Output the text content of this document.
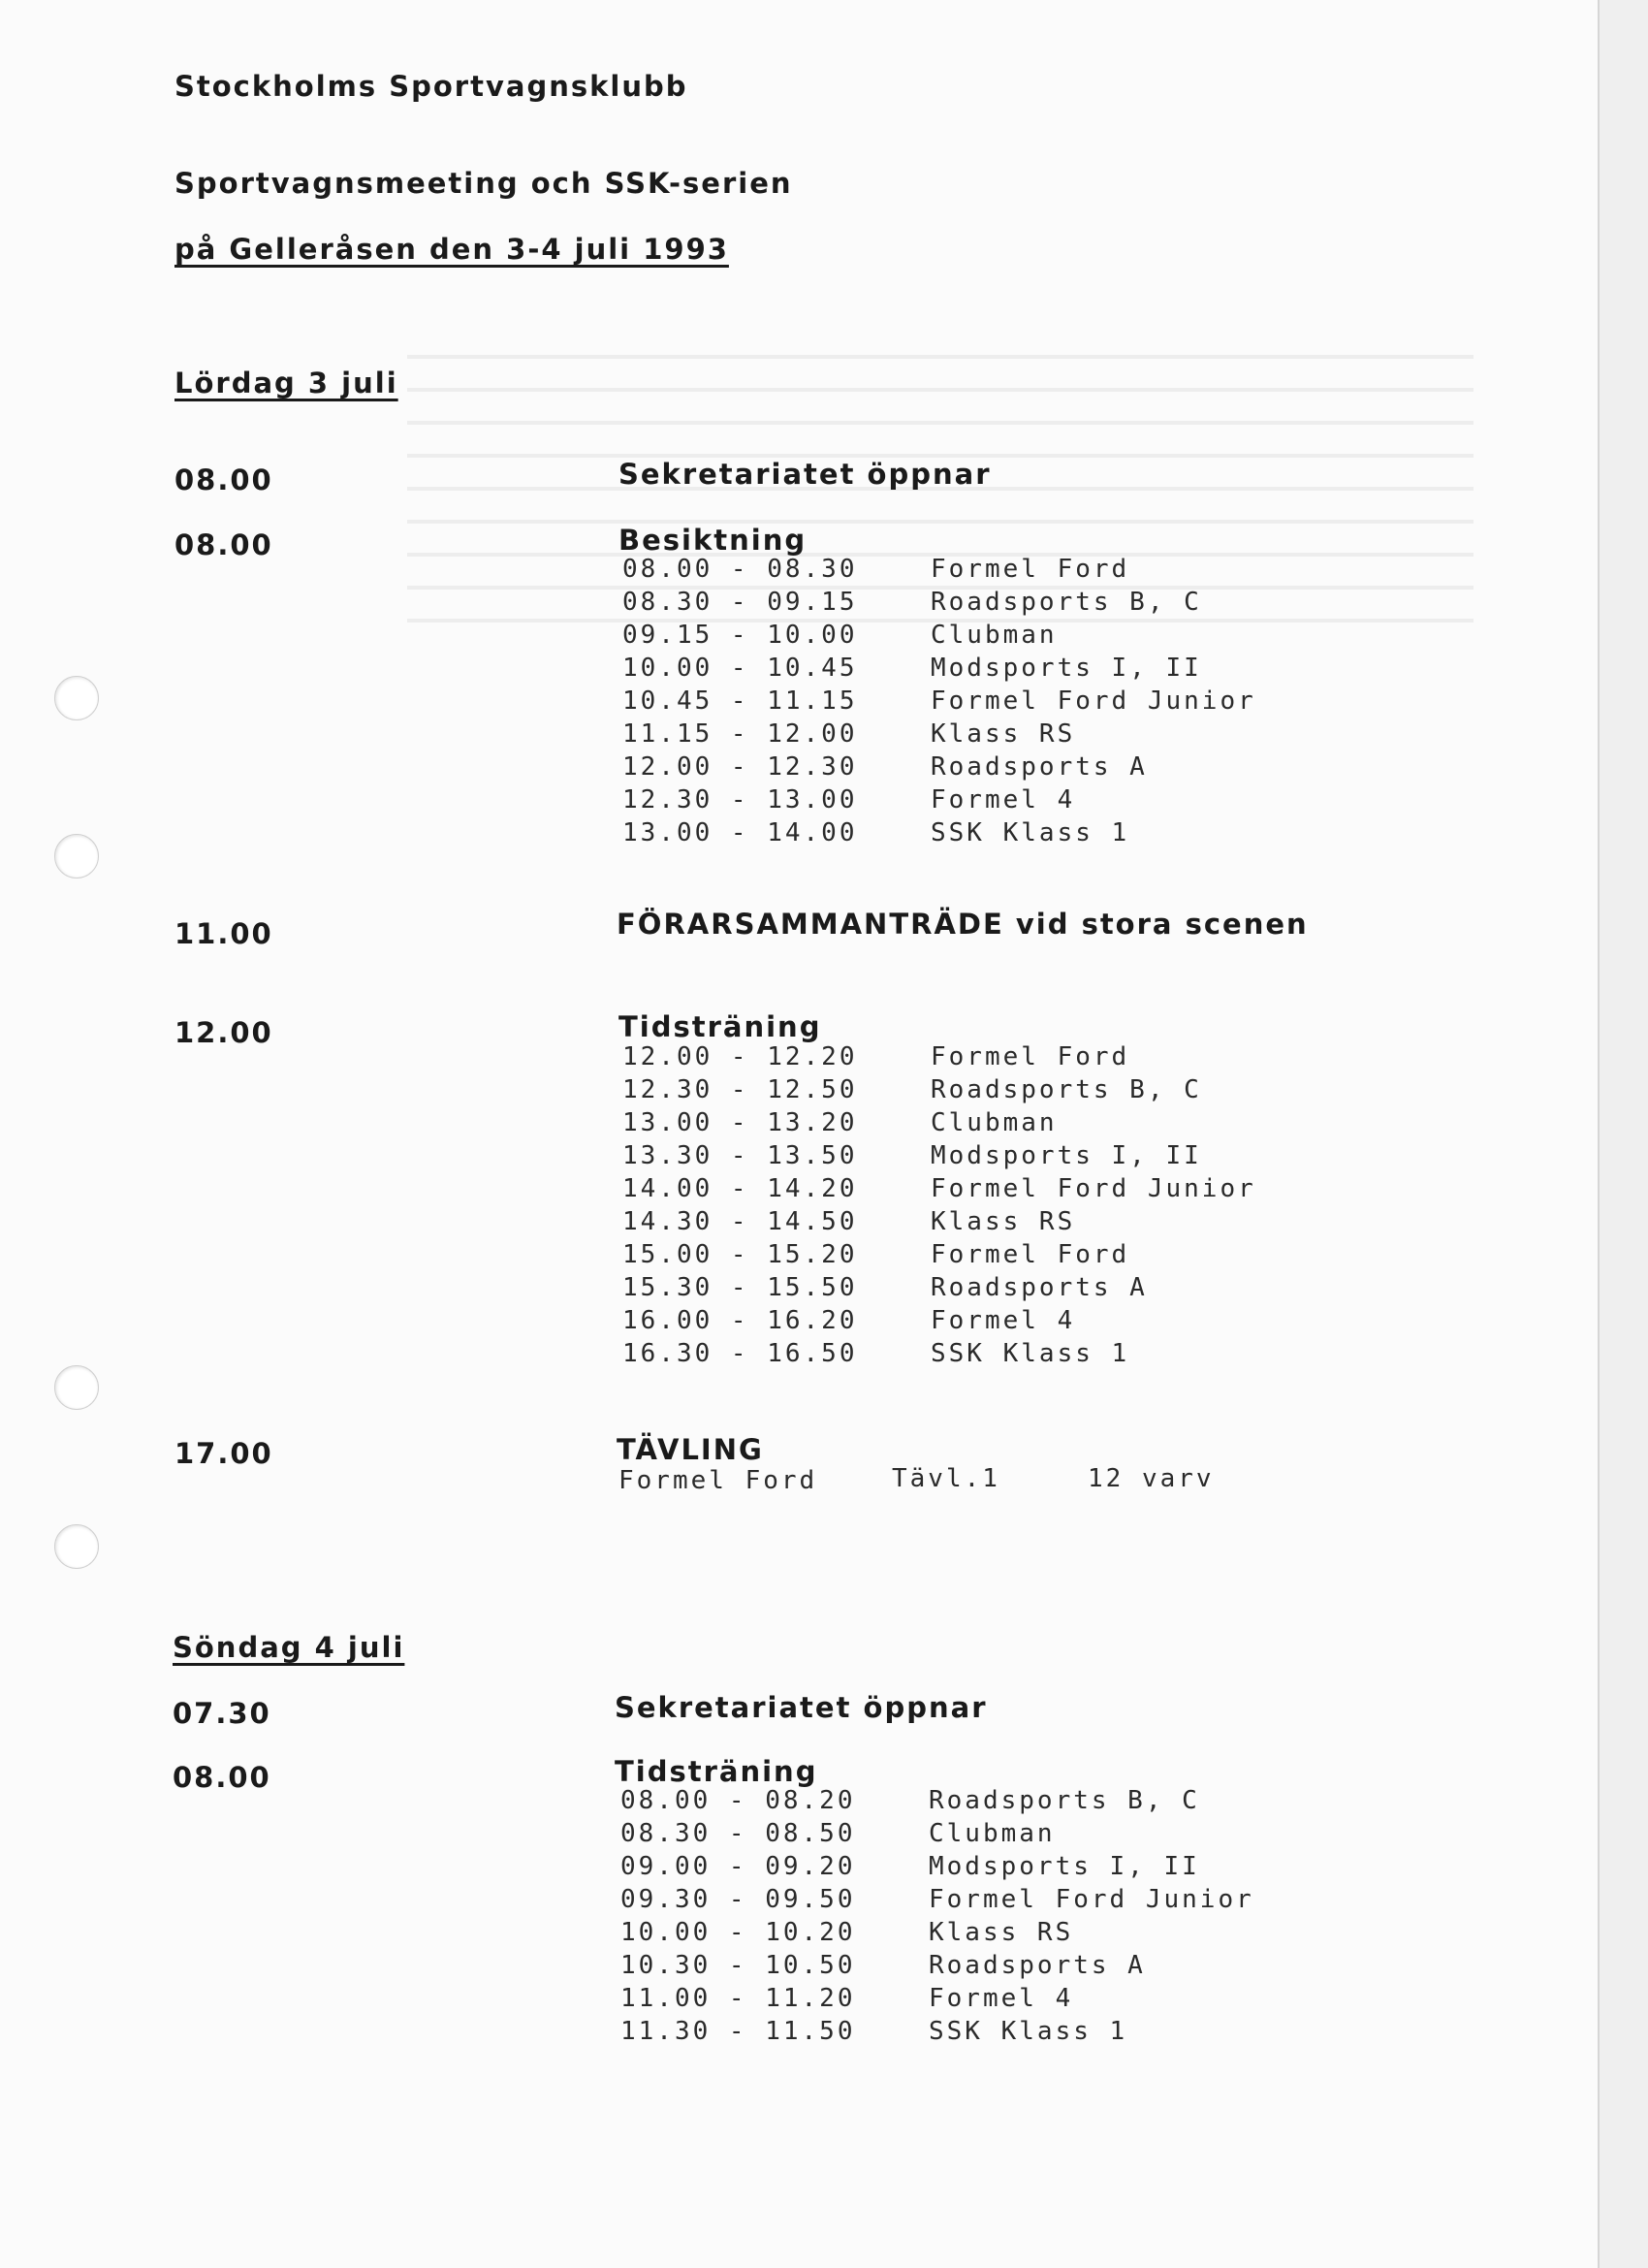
Stockholms Sportvagnsklubb
Sportvagnsmeeting och SSK-serien
på Gelleråsen den 3-4 juli 1993
Lördag 3 juli
08.00	Sekretariatet öppnar
08.00	Besiktning
08.00 - 08.30	Formel Ford
08.30 - 09.15	Roadsports B, C
09.15 - 10.00	Clubman
10.00 - 10.45	Modsports I, II
10.45 - 11.15	Formel Ford Junior
11.15 - 12.00	Klass RS
12.00 - 12.30	Roadsports A
12.30 - 13.00	Formel 4
13.00 - 14.00	SSK Klass 1
11.00	FÖRARSAMMANTRÄDE vid stora scenen
12.00	Tidsträning
12.00 - 12.20	Formel Ford
12.30 - 12.50	Roadsports B, C
13.00 - 13.20	Clubman
13.30 - 13.50	Modsports I, II
14.00 - 14.20	Formel Ford Junior
14.30 - 14.50	Klass RS
15.00 - 15.20	Formel Ford
15.30 - 15.50	Roadsports A
16.00 - 16.20	Formel 4
16.30 - 16.50	SSK Klass 1
17.00	TÄVLING
Formel Ford	Tävl.1	12 varv
Söndag 4 juli
07.30	Sekretariatet öppnar
08.00	Tidsträning
08.00 - 08.20	Roadsports B, C
08.30 - 08.50	Clubman
09.00 - 09.20	Modsports I, II
09.30 - 09.50	Formel Ford Junior
10.00 - 10.20	Klass RS
10.30 - 10.50	Roadsports A
11.00 - 11.20	Formel 4
11.30 - 11.50	SSK Klass 1
